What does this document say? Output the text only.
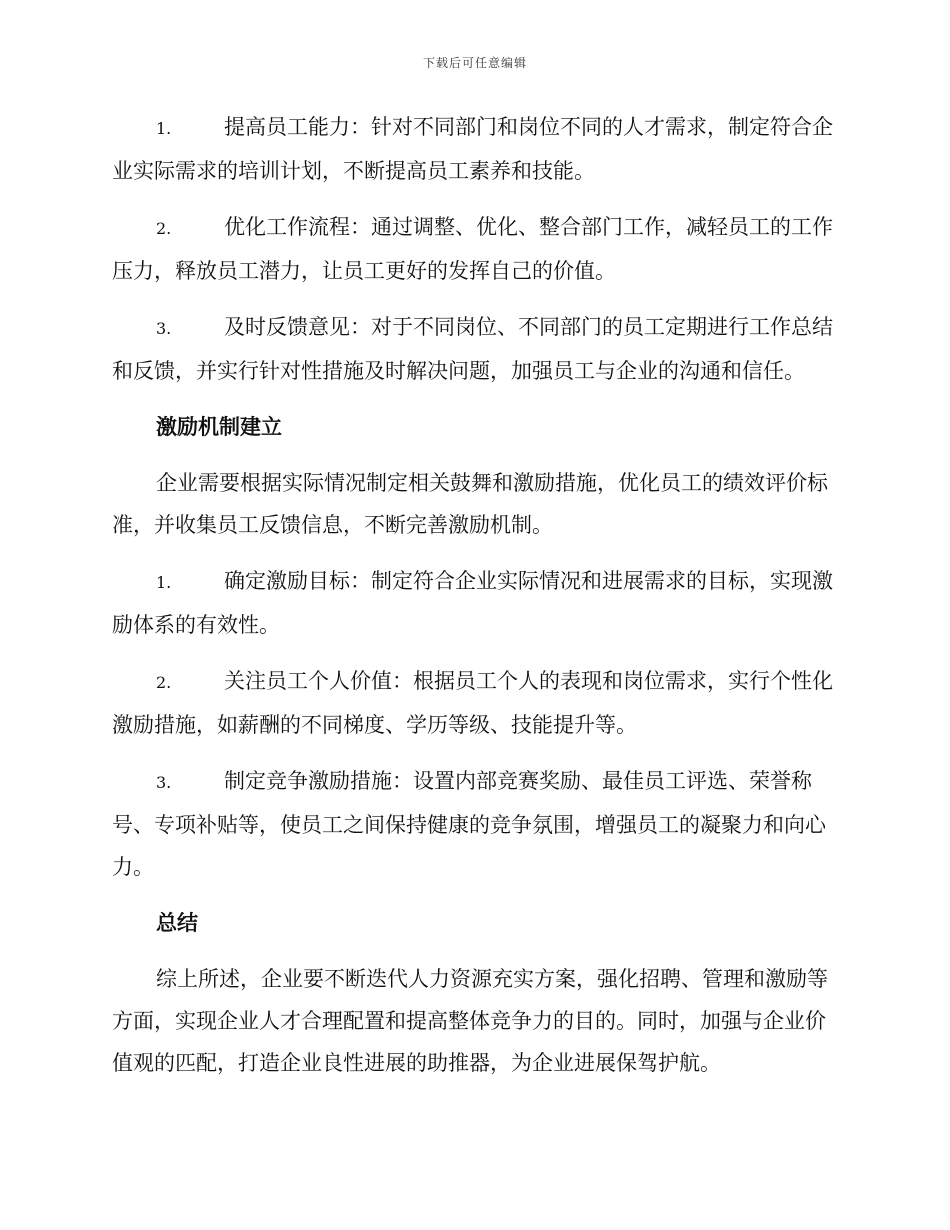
下载后可任意编辑

1.	提高员工能力：针对不同部门和岗位不同的人才需求，制定符合企业实际需求的培训计划，不断提高员工素养和技能。

2.	优化工作流程：通过调整、优化、整合部门工作，减轻员工的工作压力，释放员工潜力，让员工更好的发挥自己的价值。

3.	及时反馈意见：对于不同岗位、不同部门的员工定期进行工作总结和反馈，并实行针对性措施及时解决问题，加强员工与企业的沟通和信任。

激励机制建立

企业需要根据实际情况制定相关鼓舞和激励措施，优化员工的绩效评价标准，并收集员工反馈信息，不断完善激励机制。

1.	确定激励目标：制定符合企业实际情况和进展需求的目标，实现激励体系的有效性。

2.	关注员工个人价值：根据员工个人的表现和岗位需求，实行个性化激励措施，如薪酬的不同梯度、学历等级、技能提升等。

3.	制定竞争激励措施：设置内部竞赛奖励、最佳员工评选、荣誉称号、专项补贴等，使员工之间保持健康的竞争氛围，增强员工的凝聚力和向心力。

总结

综上所述，企业要不断迭代人力资源充实方案，强化招聘、管理和激励等方面，实现企业人才合理配置和提高整体竞争力的目的。同时，加强与企业价值观的匹配，打造企业良性进展的助推器，为企业进展保驾护航。
